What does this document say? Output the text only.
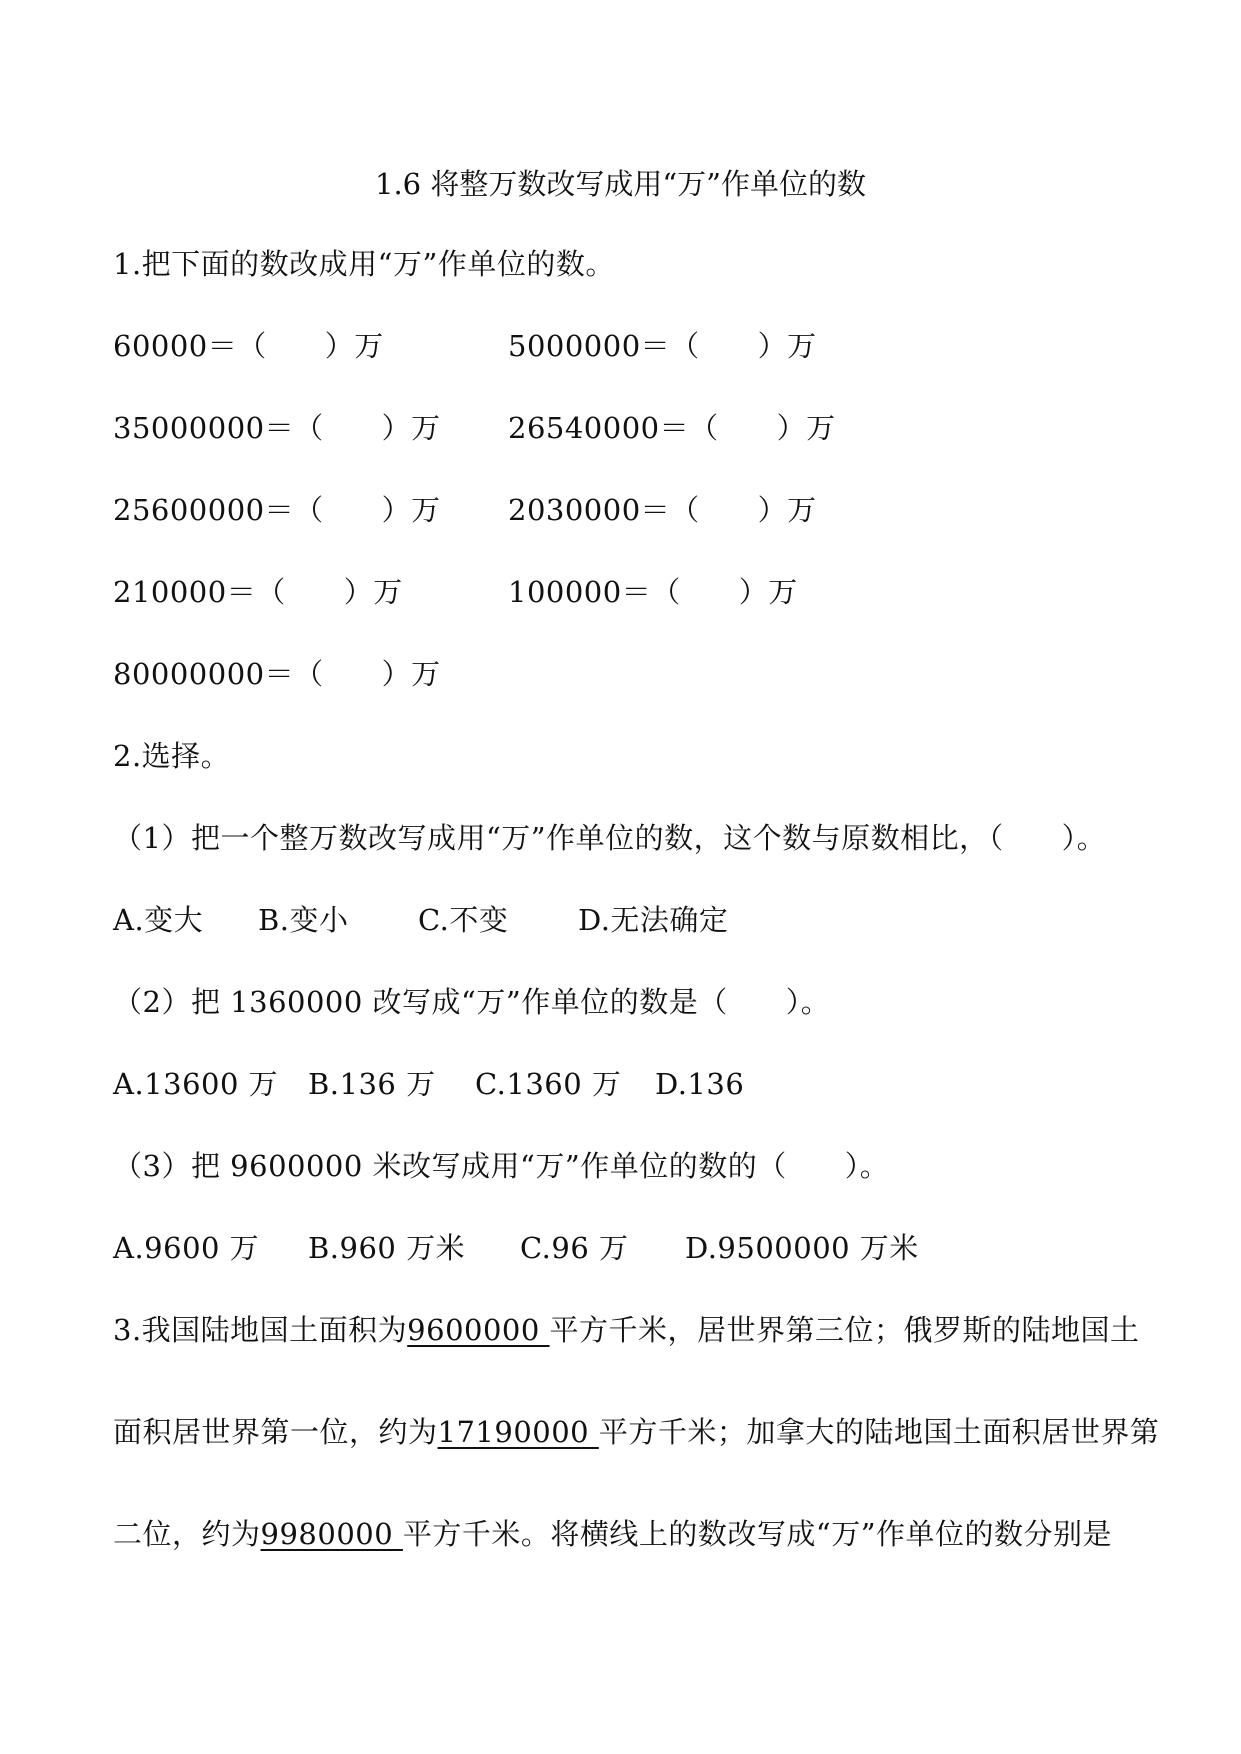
1.6 将整万数改写成用“万”作单位的数
1.把下面的数改成用“万”作单位的数。
60000＝（ ）万	5000000＝（ ）万
35000000＝（ ）万 26540000＝（ ）万
25600000＝（ ）万 2030000＝（ ）万
210000＝（ ）万	100000＝（ ）万
80000000＝（ ）万
2.选择。
（1）把一个整万数改写成用“万”作单位的数，这个数与原数相比，（ ）。
A.变大 B.变小 C.不变 D.无法确定
（2）把 1360000 改写成“万”作单位的数是（ ）。
A.13600 万 B.136 万 C.1360 万 D.136
（3）把 9600000 米改写成用“万”作单位的数的（ ）。
A.9600 万 B.960 万米 C.96 万 D.9500000 万米
3.我国陆地国土面积为9600000 平方千米，居世界第三位；俄罗斯的陆地国土
面积居世界第一位，约为17190000 平方千米；加拿大的陆地国土面积居世界第
二位，约为9980000 平方千米。将横线上的数改写成“万”作单位的数分别是
